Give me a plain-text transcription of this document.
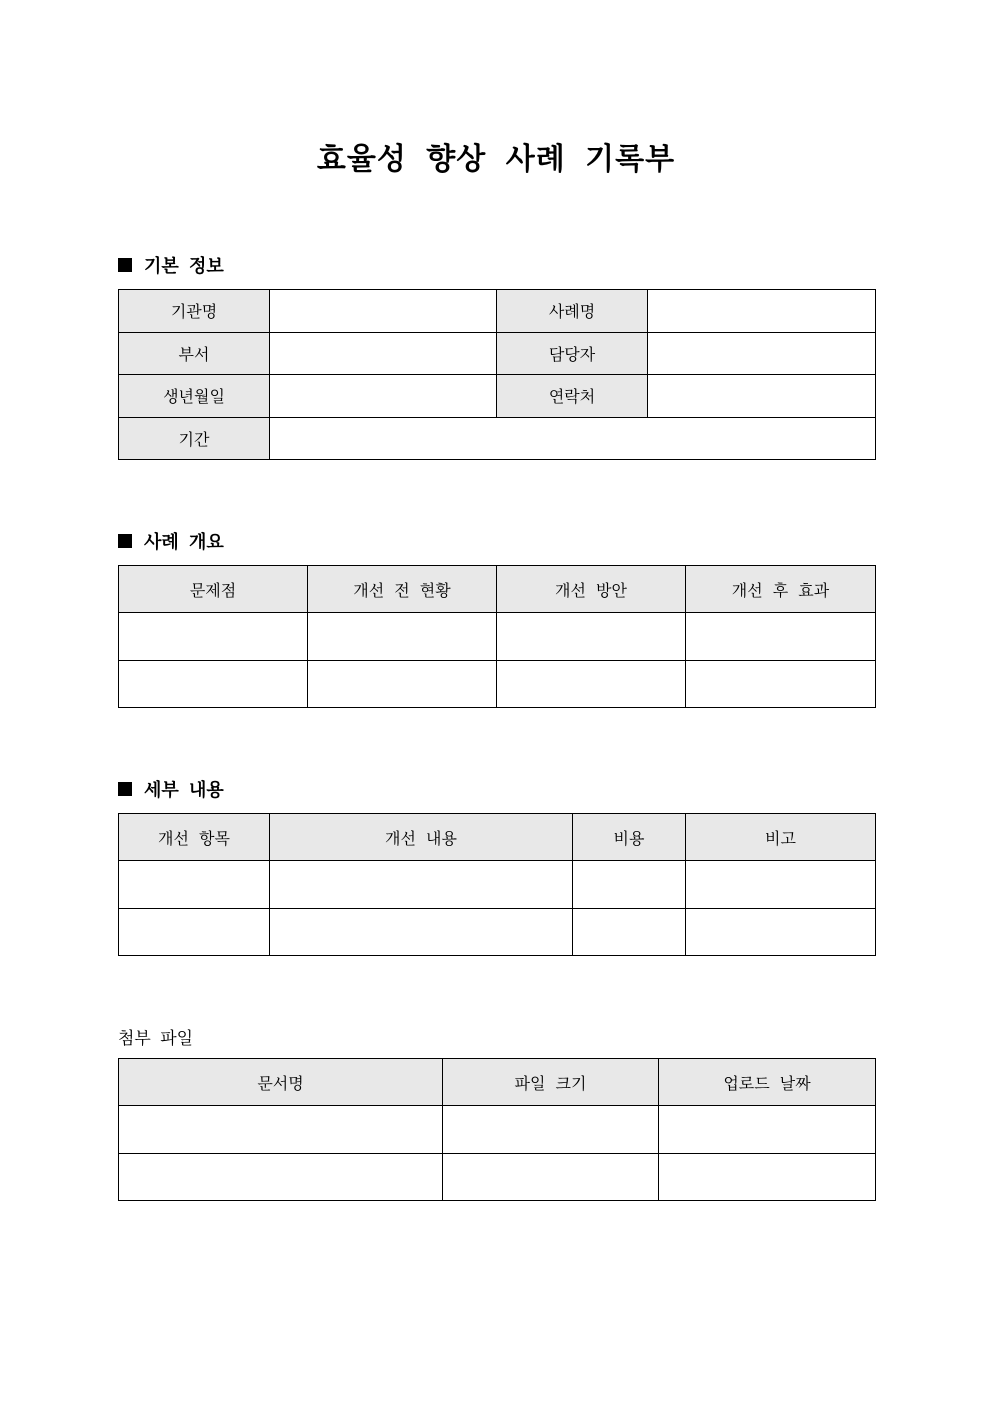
효율성 향상 사례 기록부
기본 정보
기관명		사례명	
부서		담당자	
생년월일		연락처	
기간			
사례 개요
문제점	개선 전 현황	개선 방안	개선 후 효과

세부 내용
개선 항목	개선 내용	비용	비고

첨부 파일
문서명	파일 크기	업로드 날짜
